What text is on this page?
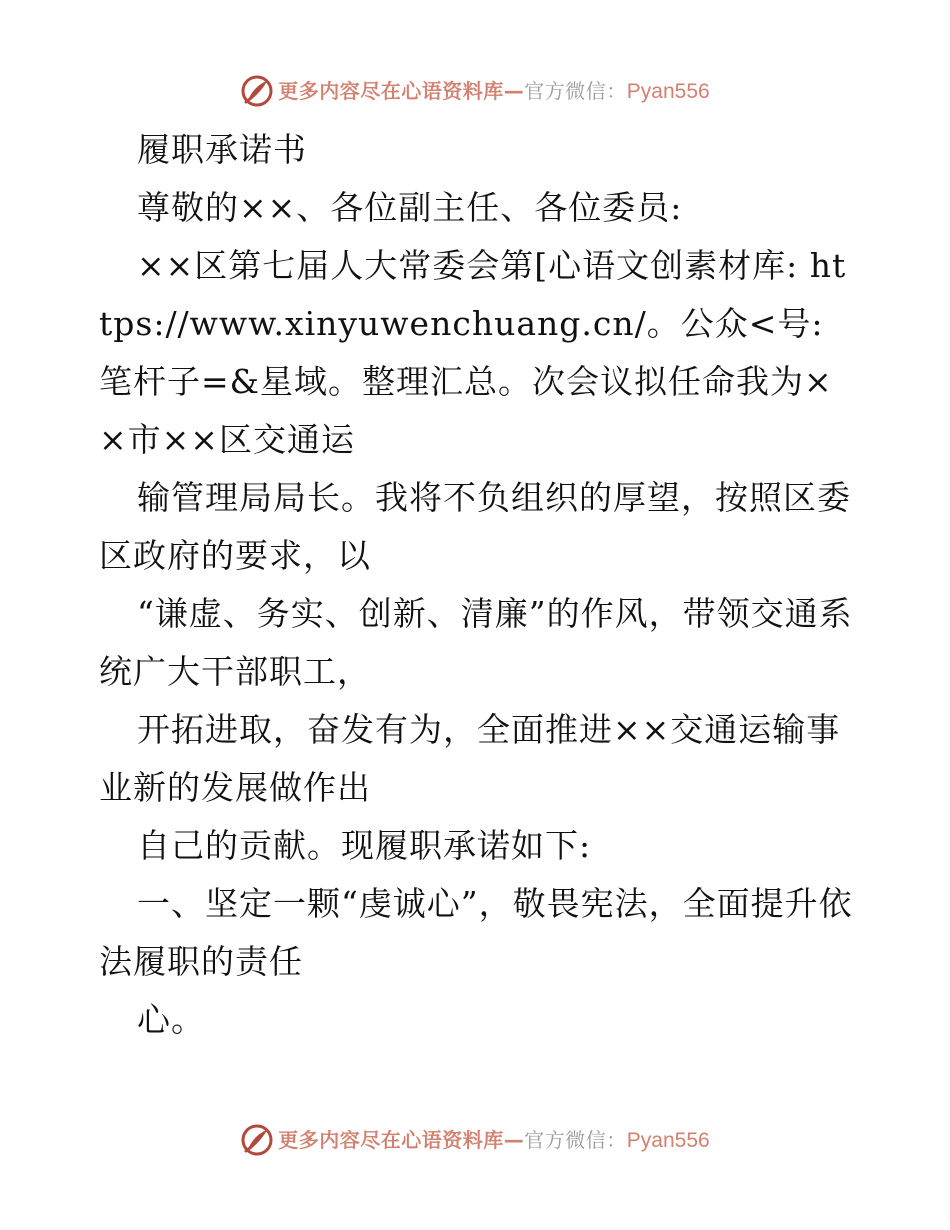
更多内容尽在心语资料库— 官方微信： Pyan556

履职承诺书

尊敬的××、各位副主任、各位委员:

××区第七届人大常委会第[心语文创素材库: https://www.xinyuwenchuang.cn/。公众<号: 笔杆子=&星域。整理汇总。次会议拟任命我为××市××区交通运

输管理局局长。我将不负组织的厚望，按照区委区政府的要求，以

“谦虚、务实、创新、清廉”的作风，带领交通系统广大干部职工，

开拓进取，奋发有为，全面推进××交通运输事业新的发展做作出

自己的贡献。现履职承诺如下:

一、坚定一颗“虔诚心”，敬畏宪法，全面提升依法履职的责任

心。

更多内容尽在心语资料库— 官方微信： Pyan556
